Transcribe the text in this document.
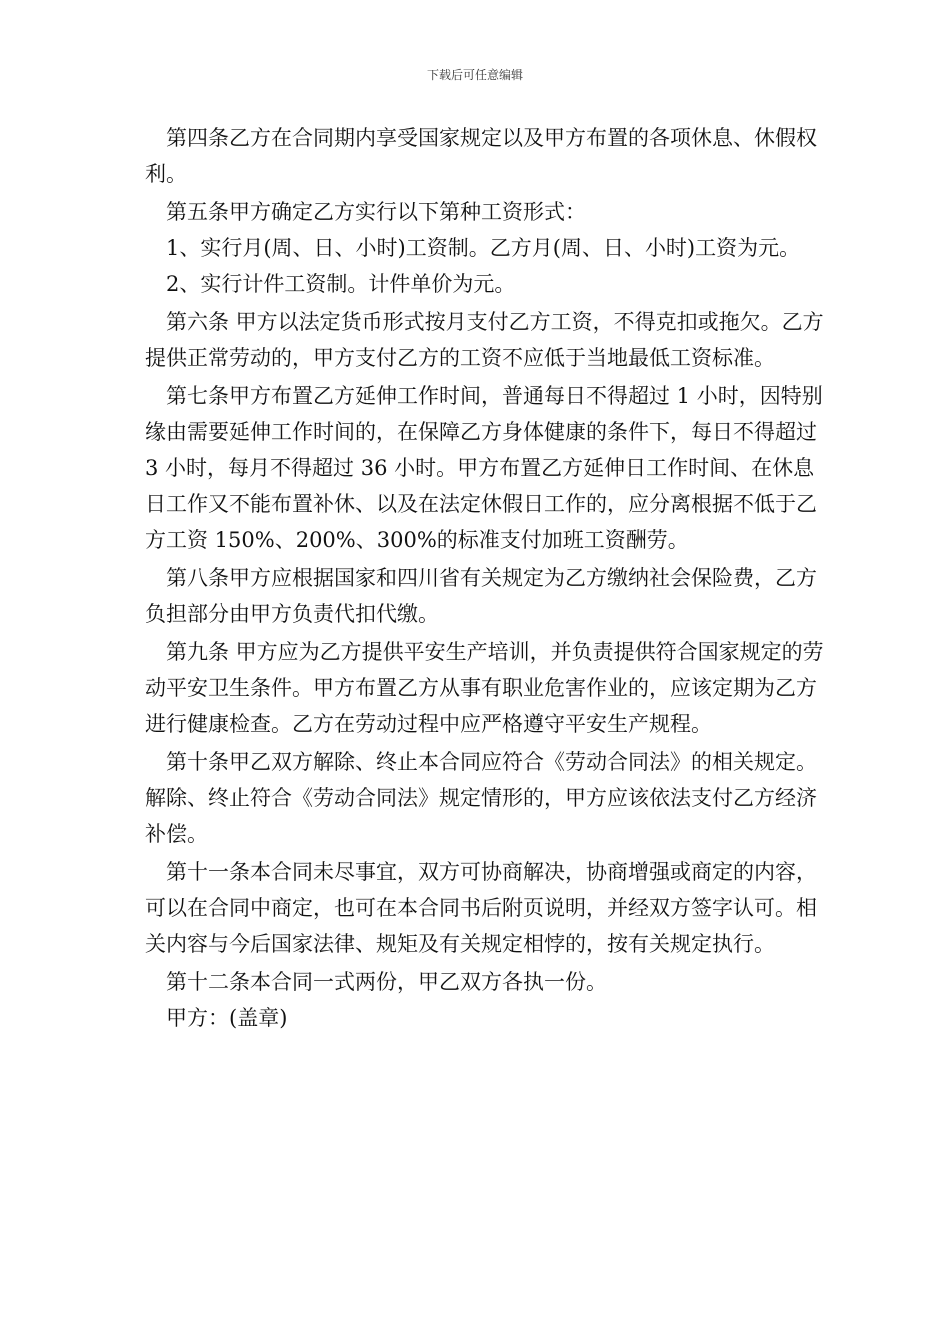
下载后可任意编辑

第四条乙方在合同期内享受国家规定以及甲方布置的各项休息、休假权利。

第五条甲方确定乙方实行以下第种工资形式：

1、实行月(周、日、小时)工资制。乙方月(周、日、小时)工资为元。

2、实行计件工资制。计件单价为元。

第六条 甲方以法定货币形式按月支付乙方工资，不得克扣或拖欠。乙方提供正常劳动的，甲方支付乙方的工资不应低于当地最低工资标准。

第七条甲方布置乙方延伸工作时间，普通每日不得超过 1 小时，因特别缘由需要延伸工作时间的，在保障乙方身体健康的条件下，每日不得超过 3 小时，每月不得超过 36 小时。甲方布置乙方延伸日工作时间、在休息日工作又不能布置补休、以及在法定休假日工作的，应分离根据不低于乙方工资 150%、200%、300%的标准支付加班工资酬劳。

第八条甲方应根据国家和四川省有关规定为乙方缴纳社会保险费，乙方负担部分由甲方负责代扣代缴。

第九条 甲方应为乙方提供平安生产培训，并负责提供符合国家规定的劳动平安卫生条件。甲方布置乙方从事有职业危害作业的，应该定期为乙方进行健康检查。乙方在劳动过程中应严格遵守平安生产规程。

第十条甲乙双方解除、终止本合同应符合《劳动合同法》的相关规定。解除、终止符合《劳动合同法》规定情形的，甲方应该依法支付乙方经济补偿。

第十一条本合同未尽事宜，双方可协商解决，协商增强或商定的内容， 可以在合同中商定，也可在本合同书后附页说明，并经双方签字认可。相关内容与今后国家法律、规矩及有关规定相悖的，按有关规定执行。

第十二条本合同一式两份，甲乙双方各执一份。

甲方：(盖章)
